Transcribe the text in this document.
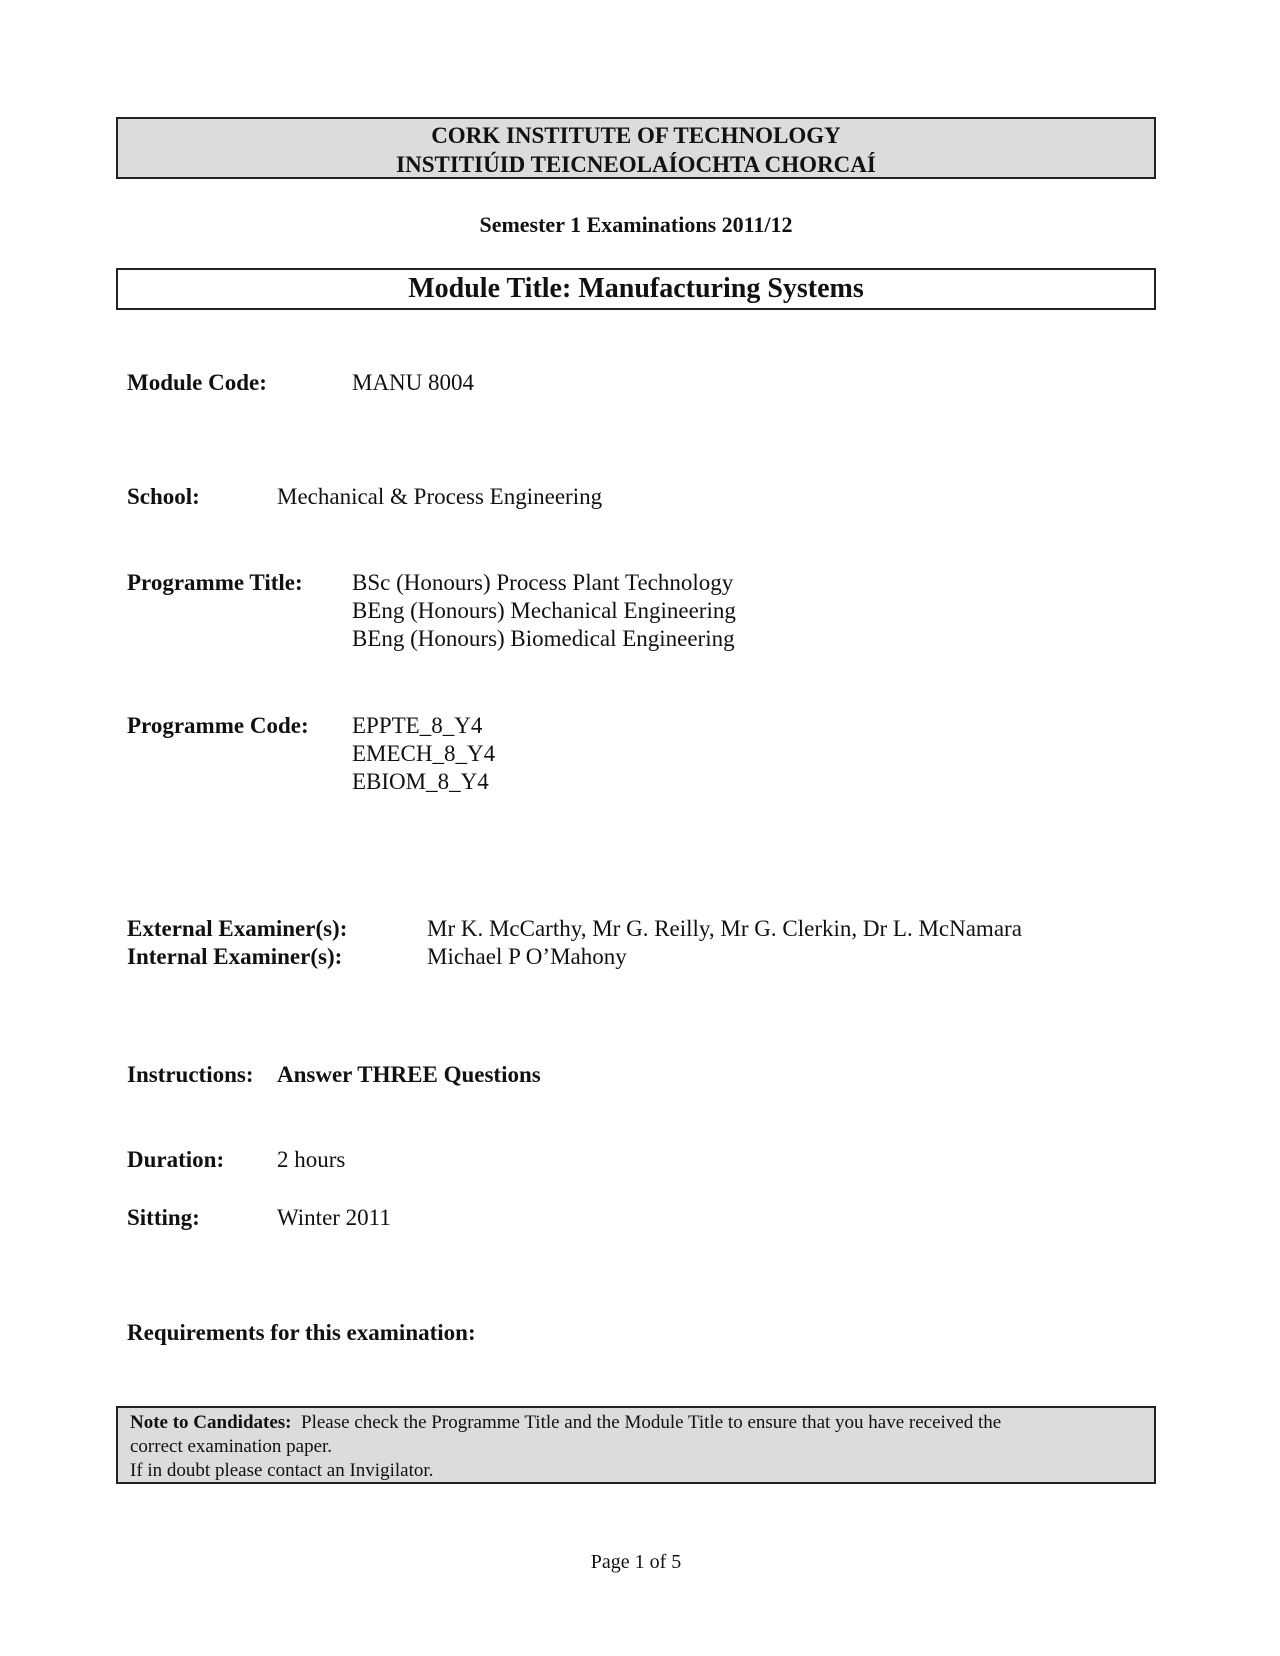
CORK INSTITUTE OF TECHNOLOGY
INSTITIÚID TEICNEOLAÍOCHTA CHORCAÍ
Semester 1 Examinations 2011/12
Module Title: Manufacturing Systems
Module Code:	MANU 8004
School:	Mechanical & Process Engineering
Programme Title: BSc (Honours) Process Plant Technology
BEng (Honours) Mechanical Engineering
BEng (Honours) Biomedical Engineering
Programme Code: EPPTE_8_Y4
EMECH_8_Y4
EBIOM_8_Y4
External Examiner(s):	Mr K. McCarthy, Mr G. Reilly, Mr G. Clerkin, Dr L. McNamara
Internal Examiner(s):	Michael P O’Mahony
Instructions: Answer THREE Questions
Duration: 2 hours
Sitting:	Winter 2011
Requirements for this examination:
Note to Candidates: Please check the Programme Title and the Module Title to ensure that you have received the
correct examination paper.
If in doubt please contact an Invigilator.
Page 1 of 5
